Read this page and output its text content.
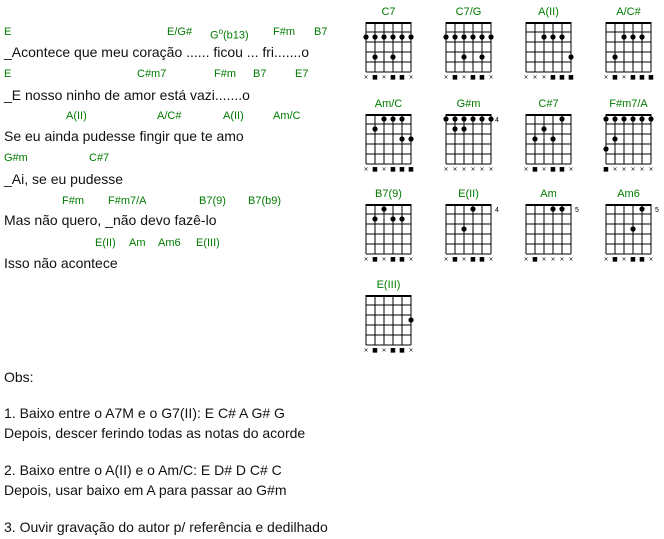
E	E/G# $G^o(b13)$ F#m B7
_Acontece que meu coração ...... ficou ... fri.......o
E	C#m7	F#m B7	E7
_E nosso ninho de amor está vazi.......o
A(II)	A/C#	A(II)	Am/C
Se eu ainda pudesse fingir que te amo
G#m	C#7
_Ai, se eu pudesse
F#m F#m7/A	B7(9) B7(b9)
Mas não quero, _não devo fazê-lo
E(II) Am Am6 E(III)
Isso não acontece
C7
× ■ × ■ ■ ×
C7/G
× ■ × ■ ■ ×
A(II)
× × × ■ ■ ■
A/C#
× ■ × ■ ■ ■
Am/C
× ■ × ■ ■ ■
G#m
× × × × × ×
4
C#7
× ■ × ■ ■ ×
F#m7/A
■ × × × × ×
B7(9)
× ■ × ■ ■ ×
E(II)
× ■ × ■ ■ ×
4
Am
× ■ × × × ×
5
Am6
× ■ × ■ ■ ×
5
E(III)
× ■ × ■ ■ ×
Obs:
1. Baixo entre o A7M e o G7(II): E C# A G# G
Depois, descer ferindo todas as notas do acorde
2. Baixo entre o A(II) e o Am/C: E D# D C# C
Depois, usar baixo em A para passar ao G#m
3. Ouvir gravação do autor p/ referência e dedilhado
